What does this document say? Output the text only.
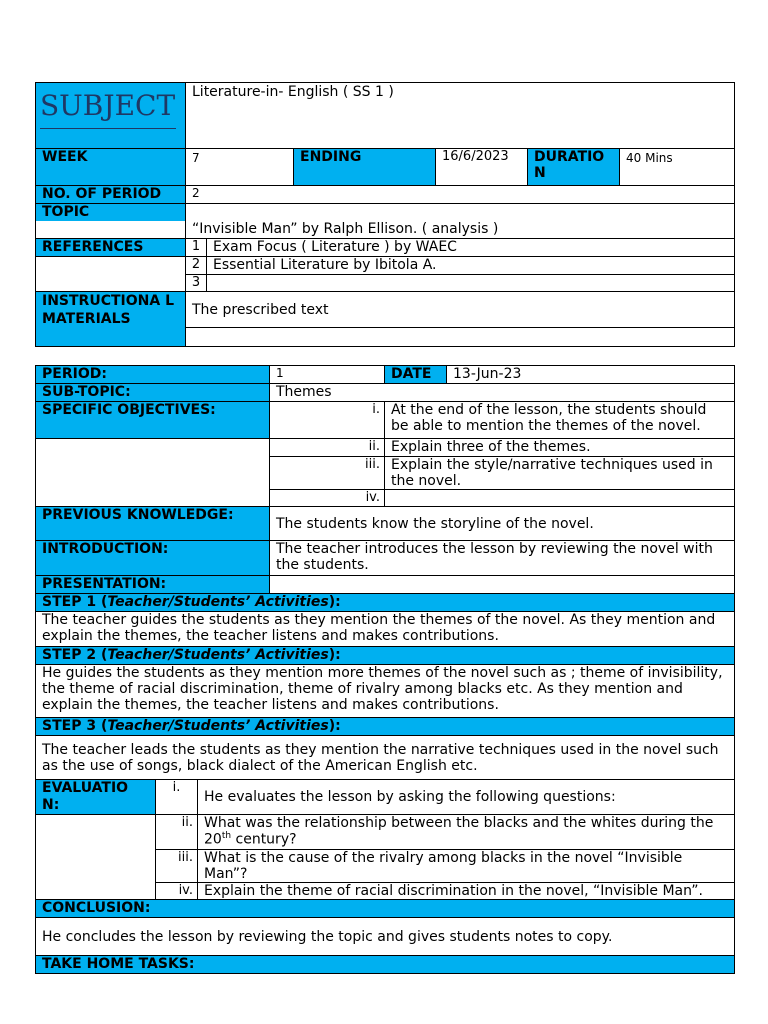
SUBJECT	Literature-in- English ( SS 1 )					
WEEK	7		ENDING	16/6/2023	DURATIO N	40 Mins
NO. OF PERIOD	2					
TOPIC						
	“Invisible Man” by Ralph Ellison. ( analysis )					
REFERENCES	1	Exam Focus ( Literature ) by WAEC				
	2	Essential Literature by Ibitola A.				
	3					
INSTRUCTIONA L MATERIALS	The prescribed text					

PERIOD:			1	DATE	13-Jun-23
SUB-TOPIC:			Themes		
SPECIFIC OBJECTIVES:			i.	At the end of the lesson, the students should be able to mention the themes of the novel.	
			ii.	Explain three of the themes.	
			iii.	Explain the style/narrative techniques used in the novel.	
			iv.		
PREVIOUS KNOWLEDGE:			The students know the storyline of the novel.		
INTRODUCTION:			The teacher introduces the lesson by reviewing the novel with the students.		
PRESENTATION:					
STEP 1 (Teacher/Students’ Activities):					
The teacher guides the students as they mention the themes of the novel. As they mention and explain the themes, the teacher listens and makes contributions.					
STEP 2 (Teacher/Students’ Activities):					
He guides the students as they mention more themes of the novel such as ; theme of invisibility, the theme of racial discrimination, theme of rivalry among blacks etc. As they mention and explain the themes, the teacher listens and makes contributions.					
STEP 3 (Teacher/Students’ Activities):					
The teacher leads the students as they mention the narrative techniques used in the novel such as the use of songs, black dialect of the American English etc.					
EVALUATIO N:	i.	He evaluates the lesson by asking the following questions:			
	ii.	What was the relationship between the blacks and the whites during the 20th century?			
	iii.	What is the cause of the rivalry among blacks in the novel “Invisible Man”?			
	iv.	Explain the theme of racial discrimination in the novel, “Invisible Man”.			
CONCLUSION:					
He concludes the lesson by reviewing the topic and gives students notes to copy.					
TAKE HOME TASKS:					
